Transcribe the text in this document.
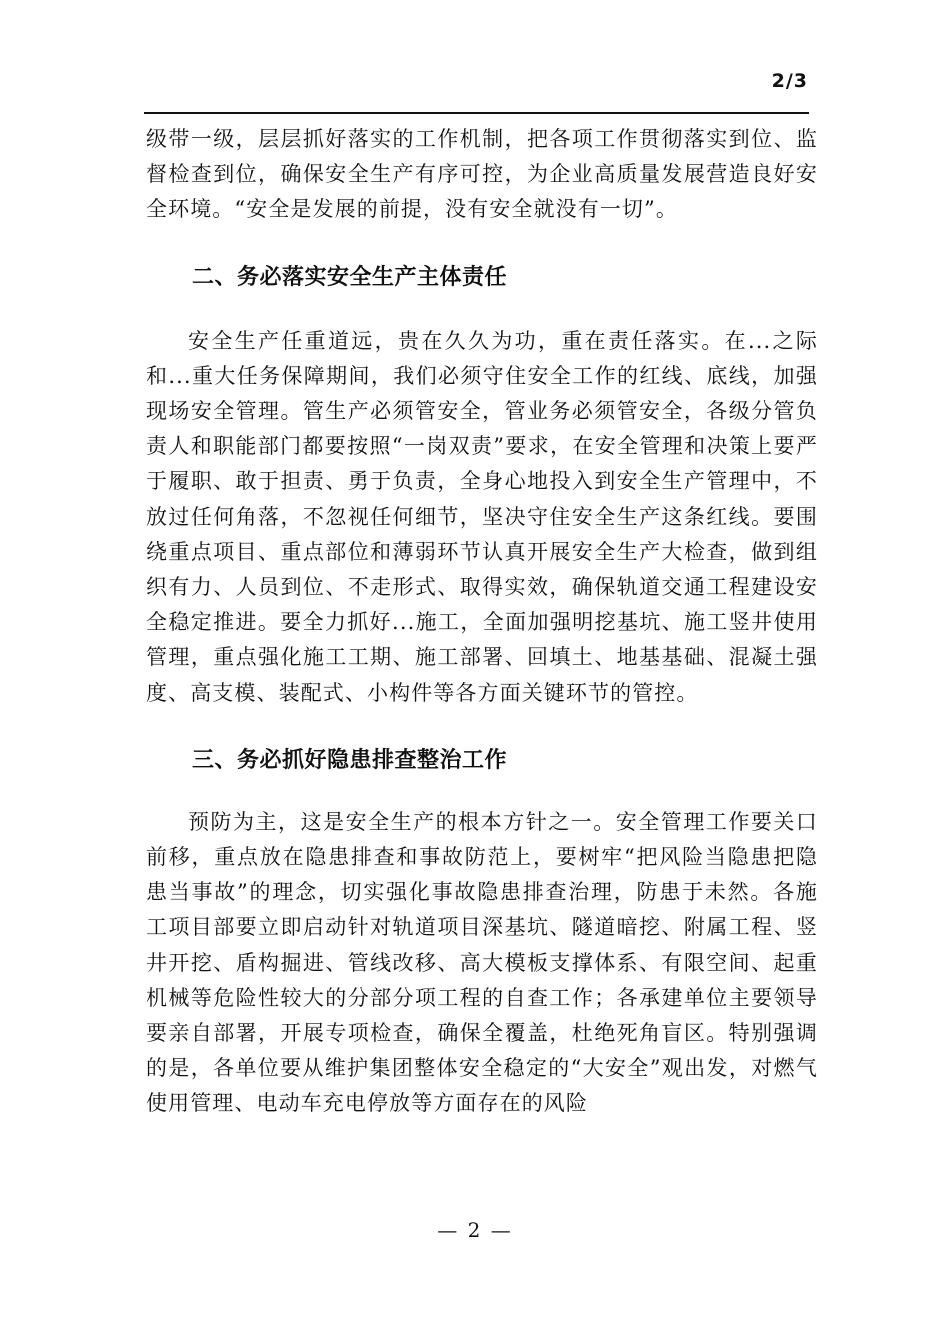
2/3

级带一级，层层抓好落实的工作机制，把各项工作贯彻落实到位、监督检查到位，确保安全生产有序可控，为企业高质量发展营造良好安全环境。“安全是发展的前提，没有安全就没有一切”。

二、务必落实安全生产主体责任

安全生产任重道远，贵在久久为功，重在责任落实。在...之际和...重大任务保障期间，我们必须守住安全工作的红线、底线，加强现场安全管理。管生产必须管安全，管业务必须管安全，各级分管负责人和职能部门都要按照“一岗双责”要求，在安全管理和决策上要严于履职、敢于担责、勇于负责，全身心地投入到安全生产管理中，不放过任何角落，不忽视任何细节，坚决守住安全生产这条红线。要围绕重点项目、重点部位和薄弱环节认真开展安全生产大检查，做到组织有力、人员到位、不走形式、取得实效，确保轨道交通工程建设安全稳定推进。要全力抓好...施工，全面加强明挖基坑、施工竖井使用管理，重点强化施工工期、施工部署、回填土、地基基础、混凝土强度、高支模、装配式、小构件等各方面关键环节的管控。

三、务必抓好隐患排查整治工作

预防为主，这是安全生产的根本方针之一。安全管理工作要关口前移，重点放在隐患排查和事故防范上，要树牢“把风险当隐患把隐患当事故”的理念，切实强化事故隐患排查治理，防患于未然。各施工项目部要立即启动针对轨道项目深基坑、隧道暗挖、附属工程、竖井开挖、盾构掘进、管线改移、高大模板支撑体系、有限空间、起重机械等危险性较大的分部分项工程的自查工作；各承建单位主要领导要亲自部署，开展专项检查，确保全覆盖，杜绝死角盲区。特别强调的是，各单位要从维护集团整体安全稳定的“大安全”观出发，对燃气使用管理、电动车充电停放等方面存在的风险

— 2 —
